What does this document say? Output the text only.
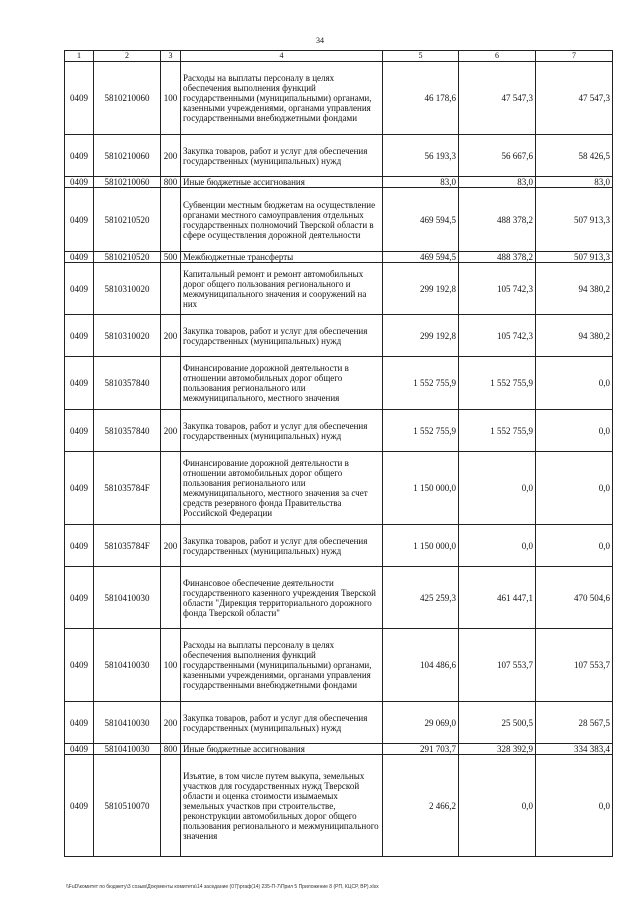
34
1	2	3	4	5	6	7
0409	5810210060	100	Расходы на выплаты персоналу в целях обеспечения выполнения функций государственными (муниципальными) органами, казенными учреждениями, органами управления государственными внебюджетными фондами	46 178,6	47 547,3	47 547,3
0409	5810210060	200	Закупка товаров, работ и услуг для обеспечения государственных (муниципальных) нужд	56 193,3	56 667,6	58 426,5
0409	5810210060	800	Иные бюджетные ассигнования	83,0	83,0	83,0
0409	5810210520		Субвенции местным бюджетам на осуществление органами местного самоуправления отдельных государственных полномочий Тверской области в сфере осуществления дорожной деятельности	469 594,5	488 378,2	507 913,3
0409	5810210520	500	Межбюджетные трансферты	469 594,5	488 378,2	507 913,3
0409	5810310020		Капитальный ремонт и ремонт автомобильных дорог общего пользования регионального и межмуниципального значения и сооружений на них	299 192,8	105 742,3	94 380,2
0409	5810310020	200	Закупка товаров, работ и услуг для обеспечения государственных (муниципальных) нужд	299 192,8	105 742,3	94 380,2
0409	5810357840		Финансирование дорожной деятельности в отношении автомобильных дорог общего пользования регионального или межмуниципального, местного значения	1 552 755,9	1 552 755,9	0,0
0409	5810357840	200	Закупка товаров, работ и услуг для обеспечения государственных (муниципальных) нужд	1 552 755,9	1 552 755,9	0,0
0409	581035784F		Финансирование дорожной деятельности в отношении автомобильных дорог общего пользования регионального или межмуниципального, местного значения за счет средств резервного фонда Правительства Российской Федерации	1 150 000,0	0,0	0,0
0409	581035784F	200	Закупка товаров, работ и услуг для обеспечения государственных (муниципальных) нужд	1 150 000,0	0,0	0,0
0409	5810410030		Финансовое обеспечение деятельности государственного казенного учреждения Тверской области "Дирекция территориального дорожного фонда Тверской области"	425 259,3	461 447,1	470 504,6
0409	5810410030	100	Расходы на выплаты персоналу в целях обеспечения выполнения функций государственными (муниципальными) органами, казенными учреждениями, органами управления государственными внебюджетными фондами	104 486,6	107 553,7	107 553,7
0409	5810410030	200	Закупка товаров, работ и услуг для обеспечения государственных (муниципальных) нужд	29 069,0	25 500,5	28 567,5
0409	5810410030	800	Иные бюджетные ассигнования	291 703,7	328 392,9	334 383,4
0409	5810510070		Изъятие, в том числе путем выкупа, земельных участков для государственных нужд Тверской области и оценка стоимости изымаемых земельных участков при строительстве, реконструкции автомобильных дорог общего пользования регионального и межмуниципального значения	2 466,2	0,0	0,0
\\FuD\комитет по бюджету\3 созыв\Документы комитета\14 заседание (07)\ргаф(14) 235-П-7\Прил 5 Приложение 8 (РП, КЦСР, ВР).xlsx
